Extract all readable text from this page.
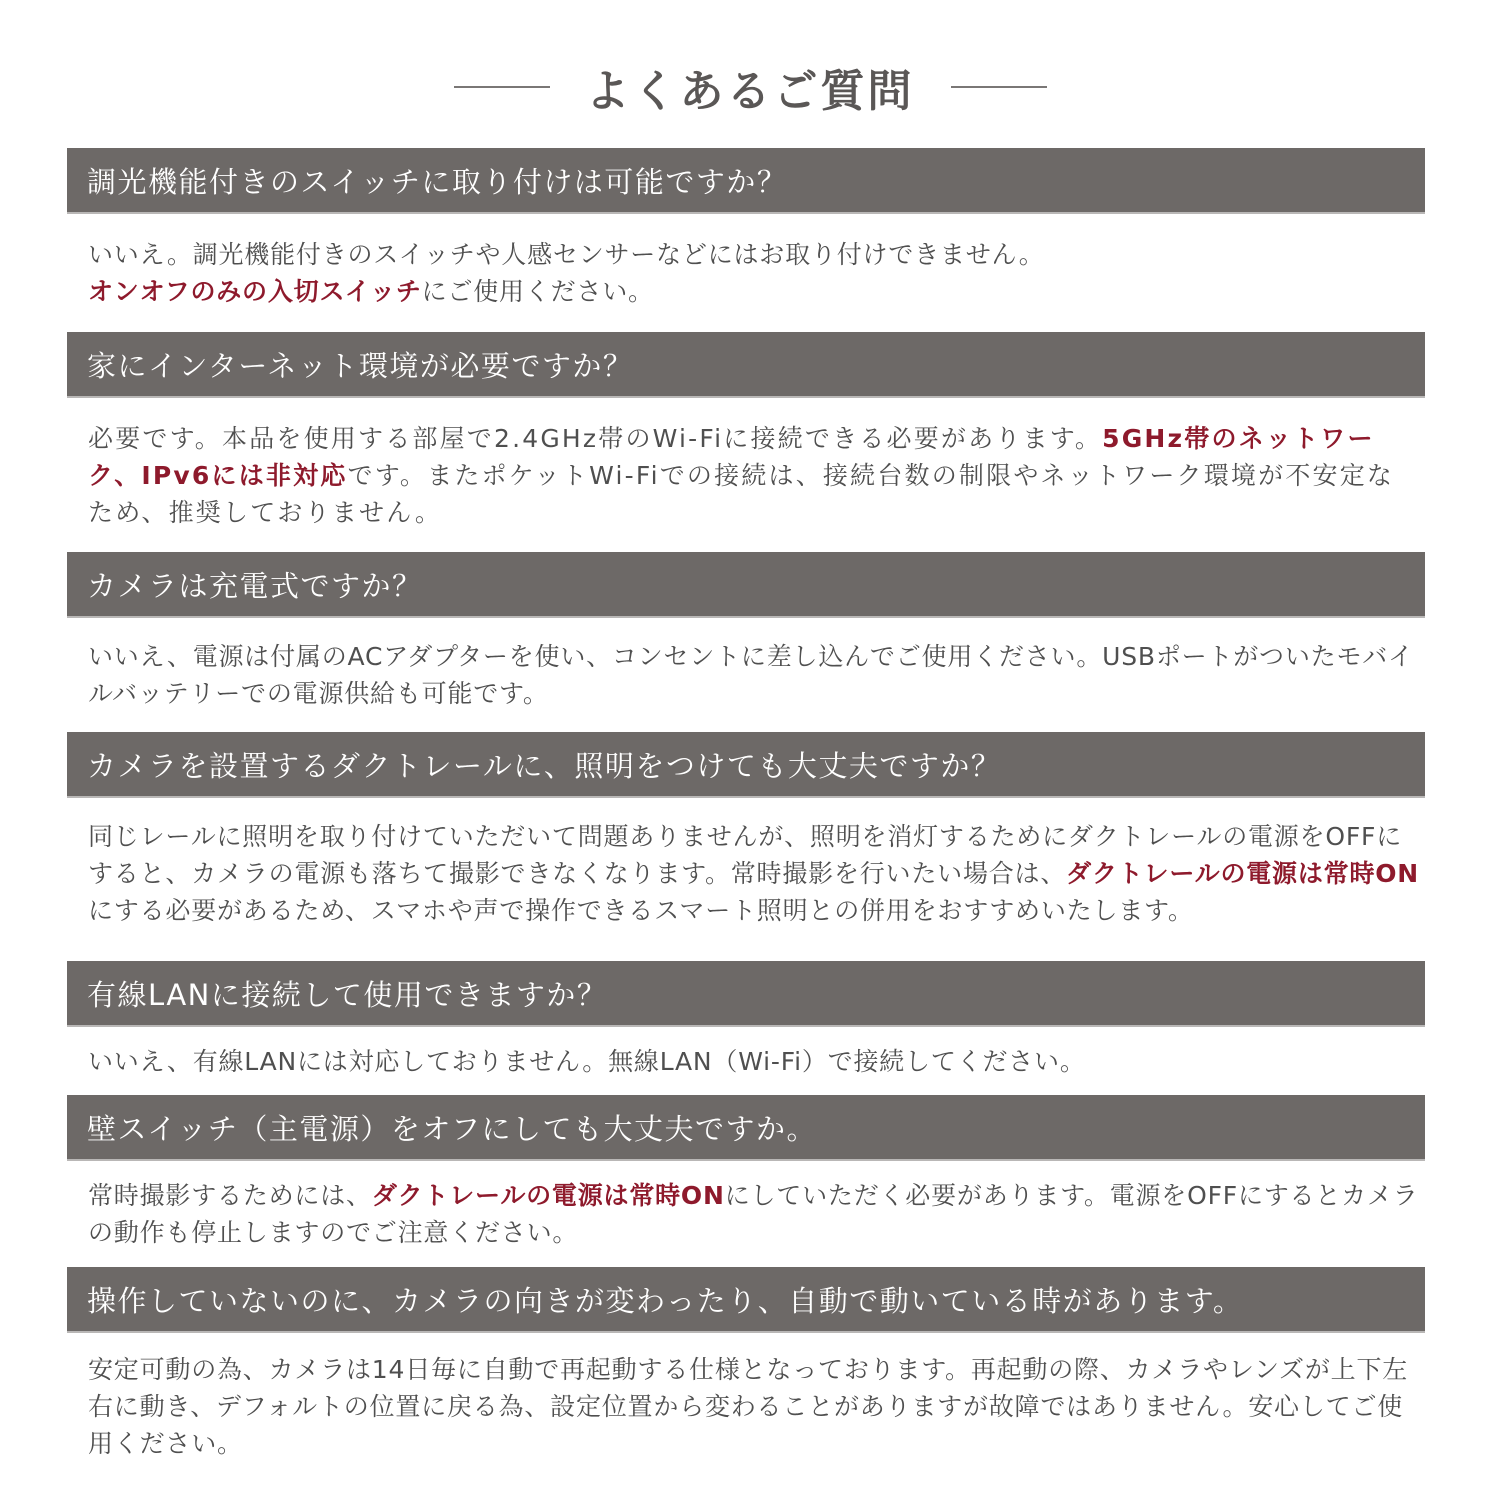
よくあるご質問
調光機能付きのスイッチに取り付けは可能ですか？
いいえ。調光機能付きのスイッチや人感センサーなどにはお取り付けできません。
オンオフのみの入切スイッチにご使用ください。
家にインターネット環境が必要ですか？
必要です。本品を使用する部屋で2.4GHz帯のWi-Fiに接続できる必要があります。5GHz帯のネットワーク、IPv6には非対応です。またポケットWi-Fiでの接続は、接続台数の制限やネットワーク環境が不安定なため、推奨しておりません。
カメラは充電式ですか？
いいえ、電源は付属のACアダプターを使い、コンセントに差し込んでご使用ください。USBポートがついたモバイルバッテリーでの電源供給も可能です。
カメラを設置するダクトレールに、照明をつけても大丈夫ですか？
同じレールに照明を取り付けていただいて問題ありませんが、照明を消灯するためにダクトレールの電源をOFFにすると、カメラの電源も落ちて撮影できなくなります。常時撮影を行いたい場合は、ダクトレールの電源は常時ONにする必要があるため、スマホや声で操作できるスマート照明との併用をおすすめいたします。
有線LANに接続して使用できますか？
いいえ、有線LANには対応しておりません。無線LAN（Wi-Fi）で接続してください。
壁スイッチ（主電源）をオフにしても大丈夫ですか。
常時撮影するためには、ダクトレールの電源は常時ONにしていただく必要があります。電源をOFFにするとカメラの動作も停止しますのでご注意ください。
操作していないのに、カメラの向きが変わったり、自動で動いている時があります。
安定可動の為、カメラは14日毎に自動で再起動する仕様となっております。再起動の際、カメラやレンズが上下左右に動き、デフォルトの位置に戻る為、設定位置から変わることがありますが故障ではありません。安心してご使用ください。
